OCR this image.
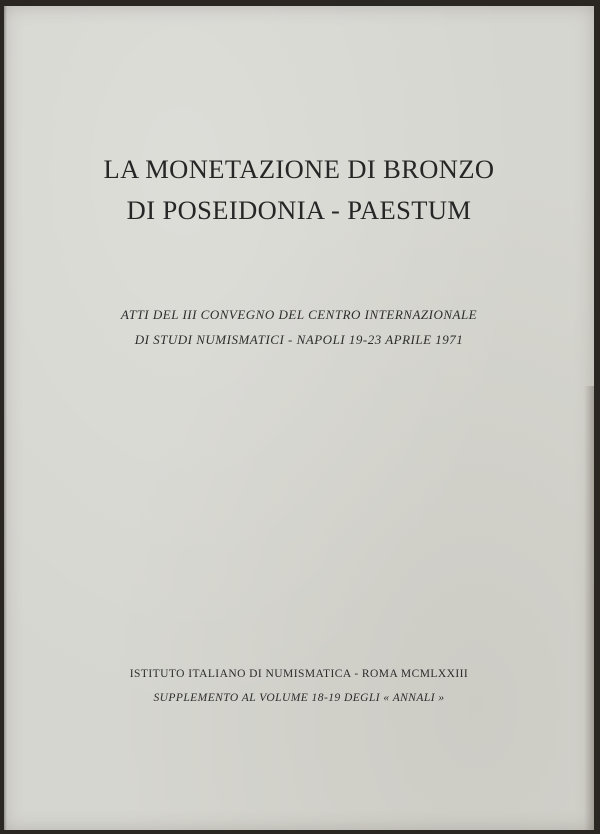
LA MONETAZIONE DI BRONZO
DI POSEIDONIA - PAESTUM
ATTI DEL III CONVEGNO DEL CENTRO INTERNAZIONALE
DI STUDI NUMISMATICI - NAPOLI 19-23 APRILE 1971
ISTITUTO ITALIANO DI NUMISMATICA - ROMA MCMLXXIII
SUPPLEMENTO AL VOLUME 18-19 DEGLI « ANNALI »
